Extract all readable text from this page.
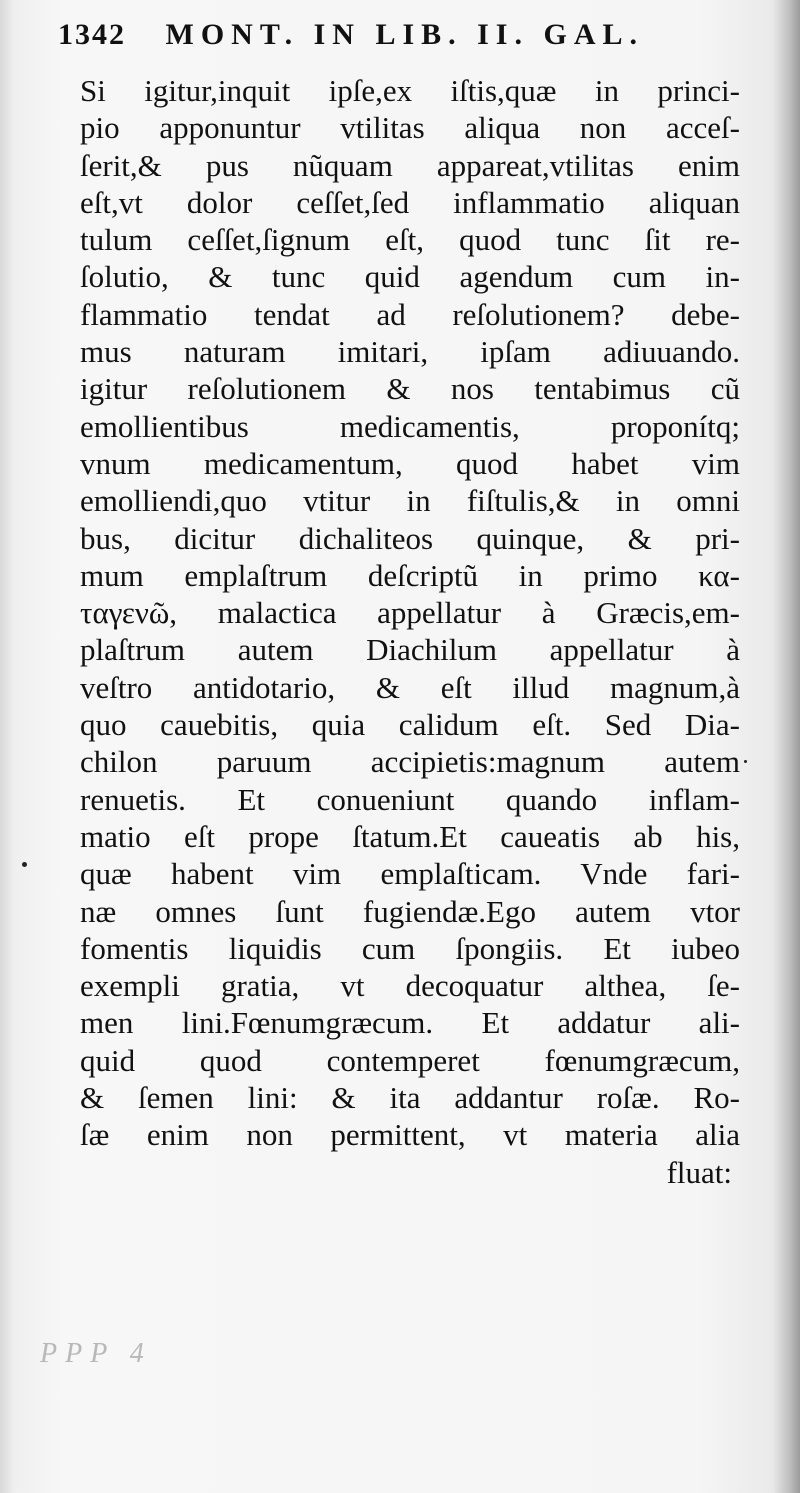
1342 MONT. IN LIB. II. GAL.
Si igitur,inquit ipſe,ex iſtis,quæ in princi-
pio apponuntur vtilitas aliqua non acceſ-
ſerit,& pus nũquam appareat,vtilitas enim
eſt,vt dolor ceſſet,ſed inflammatio aliquan
tulum ceſſet,ſignum eſt, quod tunc ſit re-
ſolutio, & tunc quid agendum cum in-
flammatio tendat ad reſolutionem? debe-
mus naturam imitari, ipſam adiuuando.
igitur reſolutionem & nos tentabimus cũ
emollientibus medicamentis, proponítq;
vnum medicamentum, quod habet vim
emolliendi,quo vtitur in fiſtulis,& in omni
bus, dicitur dichaliteos quinque, & pri-
mum emplaſtrum deſcriptũ in primo κα-
ταγενῶ, malactica appellatur à Græcis,em-
plaſtrum autem Diachilum appellatur à
veſtro antidotario, & eſt illud magnum,à
quo cauebitis, quia calidum eſt. Sed Dia-
chilon paruum accipietis:magnum autem
renuetis. Et conueniunt quando inflam-
matio eſt prope ſtatum.Et caueatis ab his,
quæ habent vim emplaſticam. Vnde fari-
næ omnes ſunt fugiendæ.Ego autem vtor
fomentis liquidis cum ſpongiis. Et iubeo
exempli gratia, vt decoquatur althea, ſe-
men lini.Fœnumgræcum. Et addatur ali-
quid quod contemperet fœnumgræcum,
& ſemen lini: & ita addantur roſæ. Ro-
ſæ enim non permittent, vt materia alia
fluat:
PPP 4
